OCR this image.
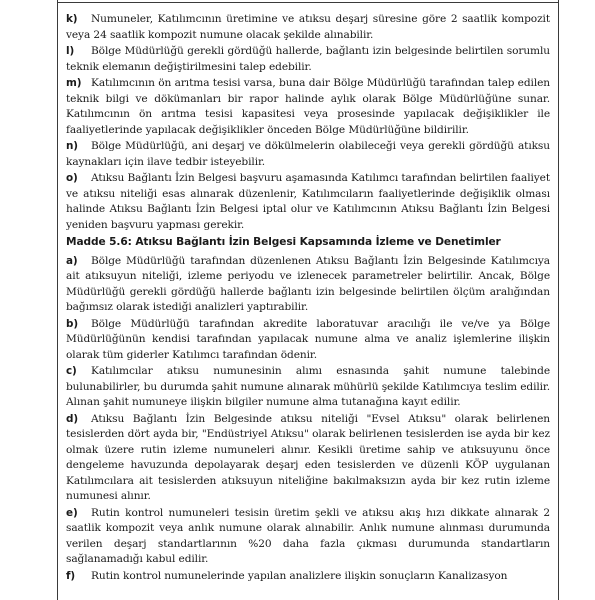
k) Numuneler, Katılımcının üretimine ve atıksu deşarj süresine göre 2 saatlik kompozit veya 24 saatlik kompozit numune olacak şekilde alınabilir.

l) Bölge Müdürlüğü gerekli gördüğü hallerde, bağlantı izin belgesinde belirtilen sorumlu teknik elemanın değiştirilmesini talep edebilir.

m) Katılımcının ön arıtma tesisi varsa, buna dair Bölge Müdürlüğü tarafından talep edilen teknik bilgi ve dökümanları bir rapor halinde aylık olarak Bölge Müdürlüğüne sunar. Katılımcının ön arıtma tesisi kapasitesi veya prosesinde yapılacak değişiklikler ile faaliyetlerinde yapılacak değişiklikler önceden Bölge Müdürlüğüne bildirilir.

n) Bölge Müdürlüğü, ani deşarj ve dökülmelerin olabileceği veya gerekli gördüğü atıksu kaynakları için ilave tedbir isteyebilir.

o) Atıksu Bağlantı İzin Belgesi başvuru aşamasında Katılımcı tarafından belirtilen faaliyet ve atıksu niteliği esas alınarak düzenlenir, Katılımcıların faaliyetlerinde değişiklik olması halinde Atıksu Bağlantı İzin Belgesi iptal olur ve Katılımcının Atıksu Bağlantı İzin Belgesi yeniden başvuru yapması gerekir.

Madde 5.6: Atıksu Bağlantı İzin Belgesi Kapsamında İzleme ve Denetimler

a) Bölge Müdürlüğü tarafından düzenlenen Atıksu Bağlantı İzin Belgesinde Katılımcıya ait atıksuyun niteliği, izleme periyodu ve izlenecek parametreler belirtilir. Ancak, Bölge Müdürlüğü gerekli gördüğü hallerde bağlantı izin belgesinde belirtilen ölçüm aralığından bağımsız olarak istediği analizleri yaptırabilir.

b) Bölge Müdürlüğü tarafından akredite laboratuvar aracılığı ile ve/ve ya Bölge Müdürlüğünün kendisi tarafından yapılacak numune alma ve analiz işlemlerine ilişkin olarak tüm giderler Katılımcı tarafından ödenir.

c) Katılımcılar atıksu numunesinin alımı esnasında şahit numune talebinde bulunabilirler, bu durumda şahit numune alınarak mühürlü şekilde Katılımcıya teslim edilir. Alınan şahit numuneye ilişkin bilgiler numune alma tutanağına kayıt edilir.

d) Atıksu Bağlantı İzin Belgesinde atıksu niteliği "Evsel Atıksu" olarak belirlenen tesislerden dört ayda bir, "Endüstriyel Atıksu" olarak belirlenen tesislerden ise ayda bir kez olmak üzere rutin izleme numuneleri alınır. Kesikli üretime sahip ve atıksuyunu önce dengeleme havuzunda depolayarak deşarj eden tesislerden ve düzenli KÖP uygulanan Katılımcılara ait tesislerden atıksuyun niteliğine bakılmaksızın ayda bir kez rutin izleme numunesi alınır.

e) Rutin kontrol numuneleri tesisin üretim şekli ve atıksu akış hızı dikkate alınarak 2 saatlik kompozit veya anlık numune olarak alınabilir. Anlık numune alınması durumunda verilen deşarj standartlarının %20 daha fazla çıkması durumunda standartların sağlanamadığı kabul edilir.

f) Rutin kontrol numunelerinde yapılan analizlere ilişkin sonuçların Kanalizasyon
